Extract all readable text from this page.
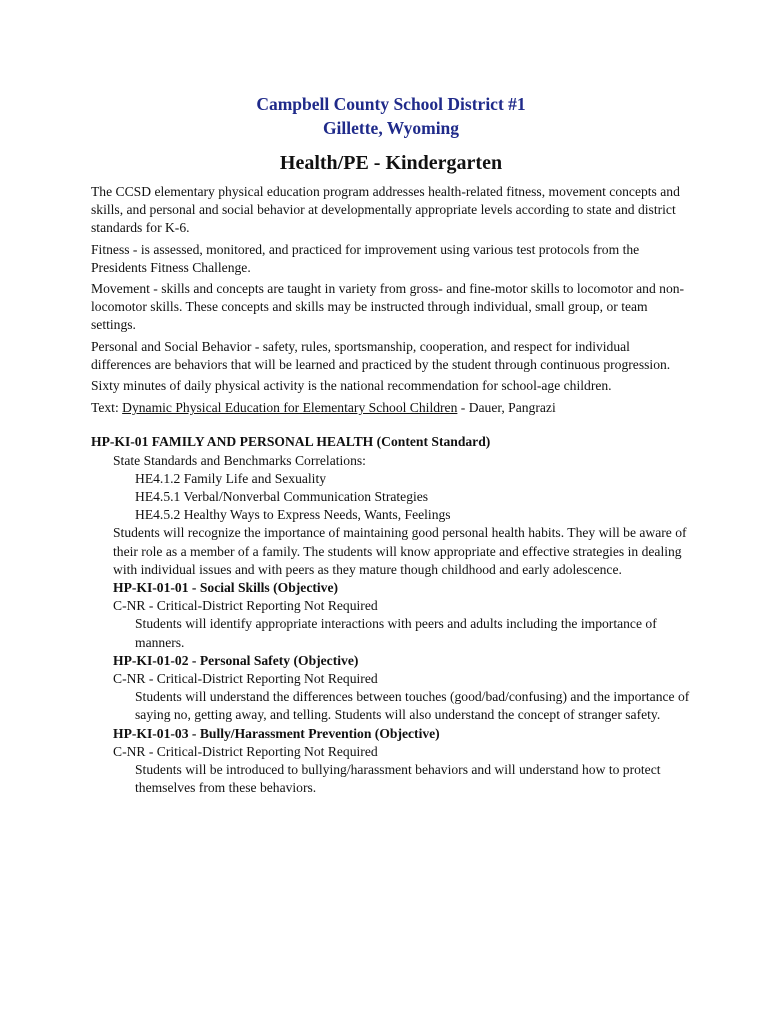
Campbell County School District #1
Gillette, Wyoming
Health/PE - Kindergarten

The CCSD elementary physical education program addresses health-related fitness, movement concepts and skills, and personal and social behavior at developmentally appropriate levels according to state and district standards for K-6.

Fitness - is assessed, monitored, and practiced for improvement using various test protocols from the Presidents Fitness Challenge.

Movement - skills and concepts are taught in variety from gross- and fine-motor skills to locomotor and non-locomotor skills. These concepts and skills may be instructed through individual, small group, or team settings.

Personal and Social Behavior - safety, rules, sportsmanship, cooperation, and respect for individual differences are behaviors that will be learned and practiced by the student through continuous progression.

Sixty minutes of daily physical activity is the national recommendation for school-age children.

Text: Dynamic Physical Education for Elementary School Children - Dauer, Pangrazi

HP-KI-01 FAMILY AND PERSONAL HEALTH (Content Standard)
State Standards and Benchmarks Correlations:
HE4.1.2 Family Life and Sexuality
HE4.5.1 Verbal/Nonverbal Communication Strategies
HE4.5.2 Healthy Ways to Express Needs, Wants, Feelings
Students will recognize the importance of maintaining good personal health habits. They will be aware of their role as a member of a family. The students will know appropriate and effective strategies in dealing with individual issues and with peers as they mature though childhood and early adolescence.
HP-KI-01-01 - Social Skills (Objective)
C-NR - Critical-District Reporting Not Required
Students will identify appropriate interactions with peers and adults including the importance of manners.
HP-KI-01-02 - Personal Safety (Objective)
C-NR - Critical-District Reporting Not Required
Students will understand the differences between touches (good/bad/confusing) and the importance of saying no, getting away, and telling. Students will also understand the concept of stranger safety.
HP-KI-01-03 - Bully/Harassment Prevention (Objective)
C-NR - Critical-District Reporting Not Required
Students will be introduced to bullying/harassment behaviors and will understand how to protect themselves from these behaviors.
